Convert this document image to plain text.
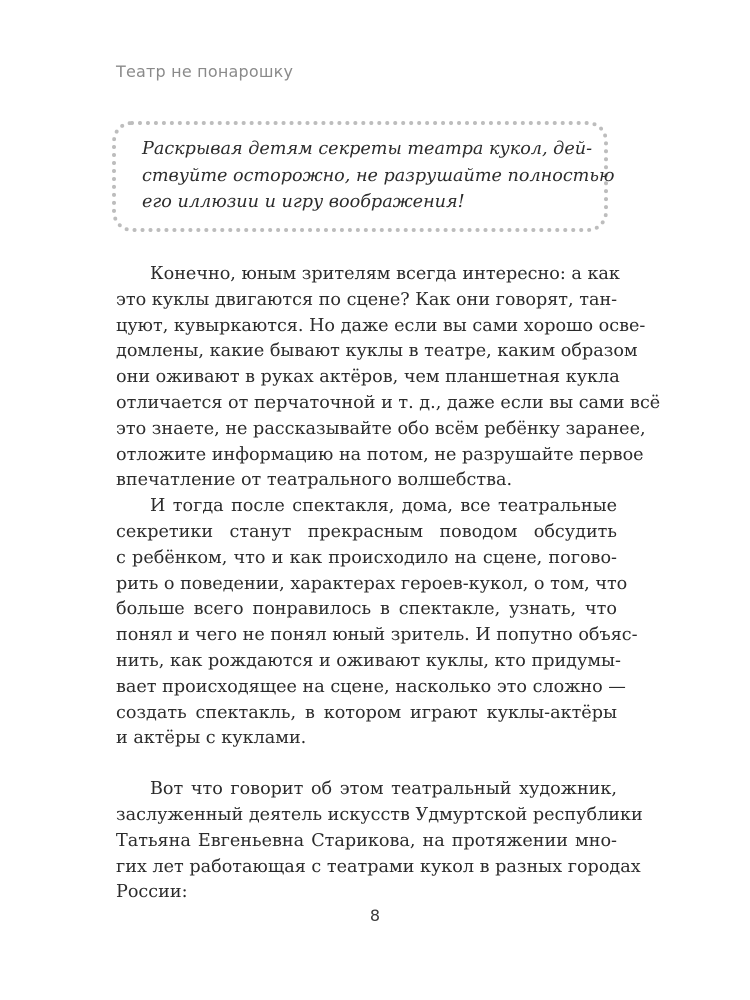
Театр не понарошку
Раскрывая детям секреты театра кукол, дей-
ствуйте осторожно, не разрушайте полностью
его иллюзии и игру воображения!
Конечно, юным зрителям всегда интересно: а как
это куклы двигаются по сцене? Как они говорят, тан-
цуют, кувыркаются. Но даже если вы сами хорошо осве-
домлены, какие бывают куклы в театре, каким образом
они оживают в руках актёров, чем планшетная кукла
отличается от перчаточной и т. д., даже если вы сами всё
это знаете, не рассказывайте обо всём ребёнку заранее,
отложите информацию на потом, не разрушайте первое
впечатление от театрального волшебства.
И тогда после спектакля, дома, все театральные
секретики станут прекрасным поводом обсудить
с ребёнком, что и как происходило на сцене, погово-
рить о поведении, характерах героев-кукол, о том, что
больше всего понравилось в спектакле, узнать, что
понял и чего не понял юный зритель. И попутно объяс-
нить, как рождаются и оживают куклы, кто придумы-
вает происходящее на сцене, насколько это сложно —
создать спектакль, в котором играют куклы-актёры
и актёры с куклами.
Вот что говорит об этом театральный художник,
заслуженный деятель искусств Удмуртской республики
Татьяна Евгеньевна Старикова, на протяжении мно-
гих лет работающая с театрами кукол в разных городах
России:
8
